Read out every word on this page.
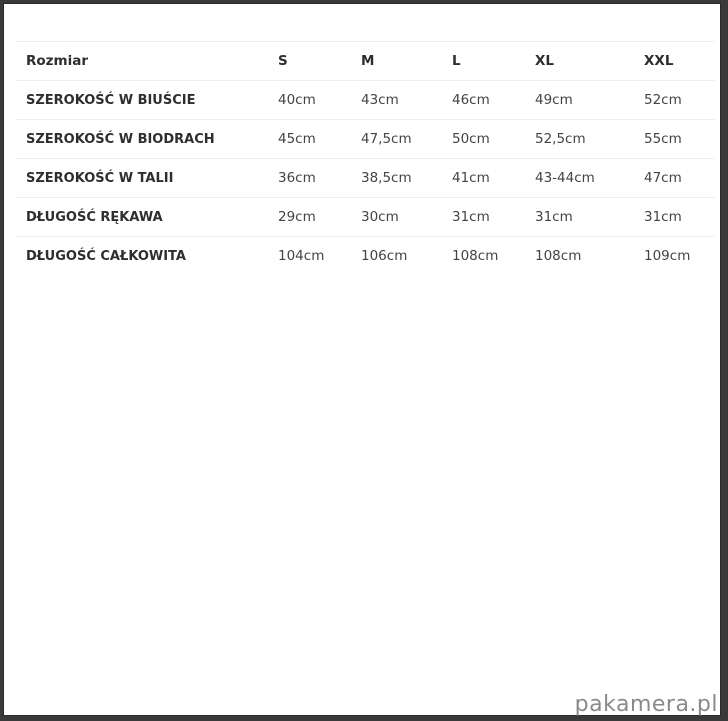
Rozmiar	S	M	L	XL	XXL
SZEROKOŚĆ W BIUŚCIE	40cm	43cm	46cm	49cm	52cm
SZEROKOŚĆ W BIODRACH	45cm	47,5cm	50cm	52,5cm	55cm
SZEROKOŚĆ W TALII	36cm	38,5cm	41cm	43-44cm	47cm
DŁUGOŚĆ RĘKAWA	29cm	30cm	31cm	31cm	31cm
DŁUGOŚĆ CAŁKOWITA	104cm	106cm	108cm	108cm	109cm
pakamera.pl
